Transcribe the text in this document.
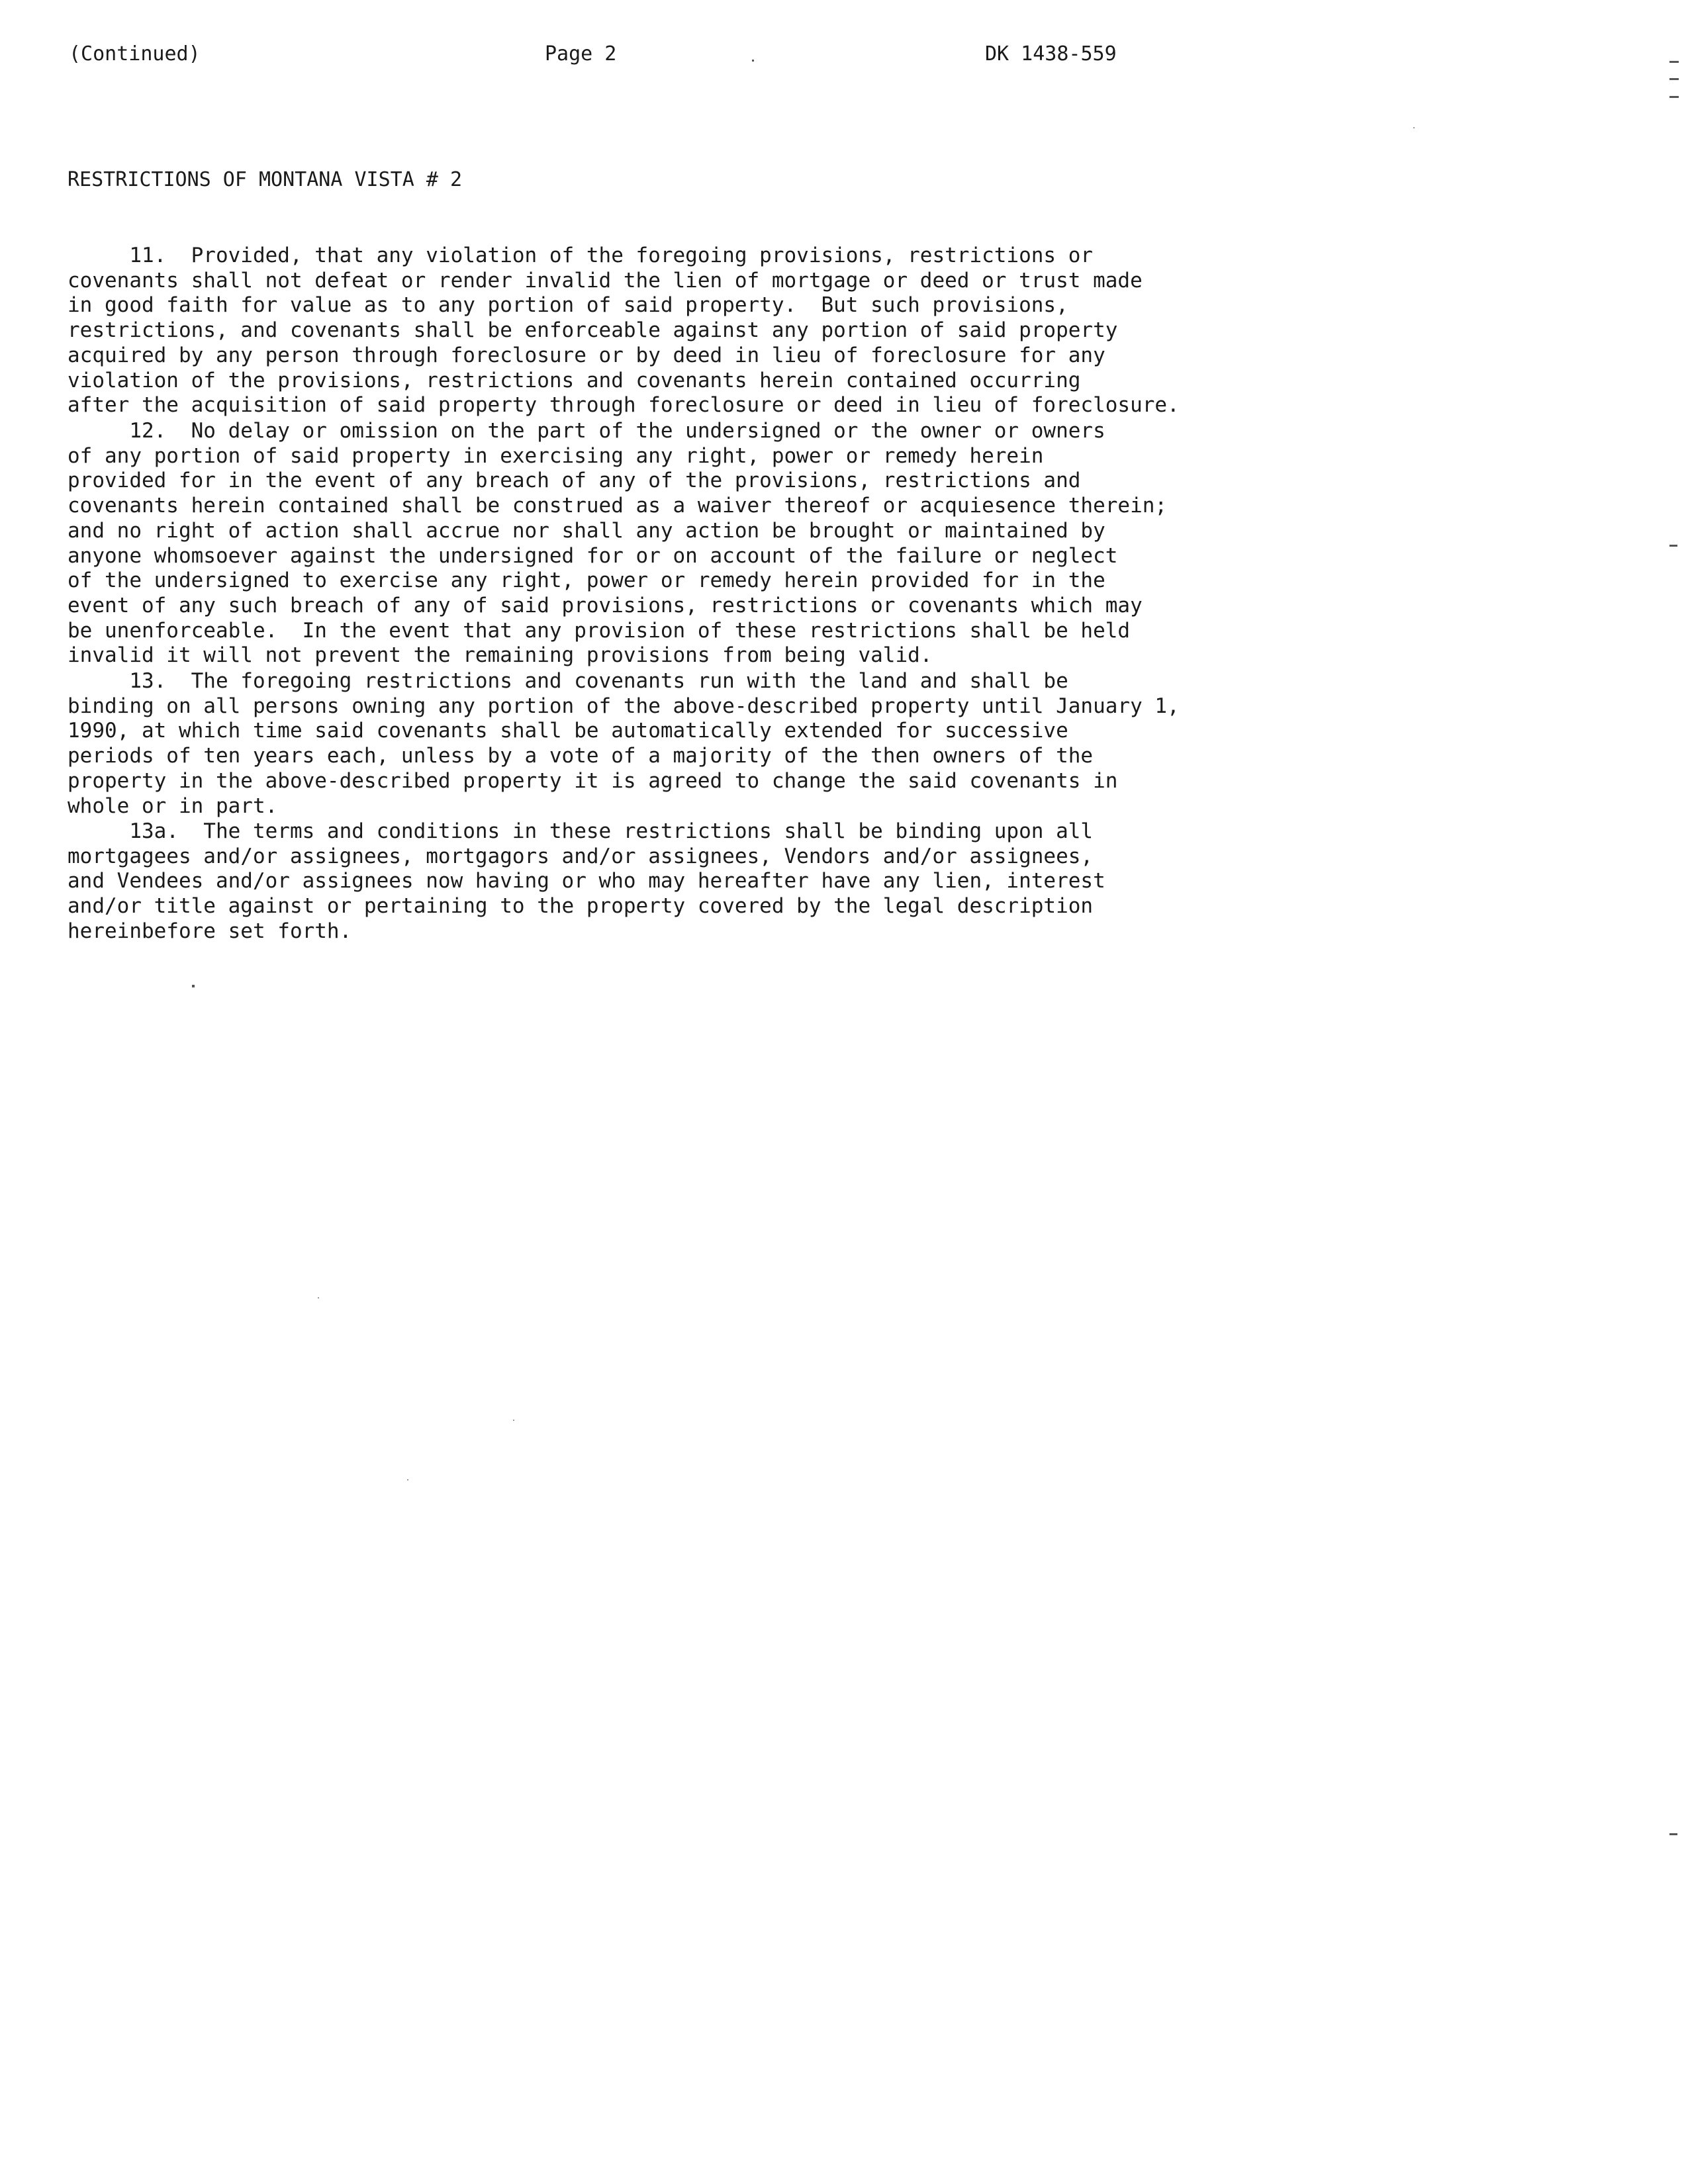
(Continued)	Page 2	DK 1438-559
RESTRICTIONS OF MONTANA VISTA # 2

11.  Provided, that any violation of the foregoing provisions, restrictions or
covenants shall not defeat or render invalid the lien of mortgage or deed or trust made
in good faith for value as to any portion of said property.  But such provisions,
restrictions, and covenants shall be enforceable against any portion of said property
acquired by any person through foreclosure or by deed in lieu of foreclosure for any
violation of the provisions, restrictions and covenants herein contained occurring
after the acquisition of said property through foreclosure or deed in lieu of foreclosure.

12.  No delay or omission on the part of the undersigned or the owner or owners
of any portion of said property in exercising any right, power or remedy herein
provided for in the event of any breach of any of the provisions, restrictions and
covenants herein contained shall be construed as a waiver thereof or acquiesence therein;
and no right of action shall accrue nor shall any action be brought or maintained by
anyone whomsoever against the undersigned for or on account of the failure or neglect
of the undersigned to exercise any right, power or remedy herein provided for in the
event of any such breach of any of said provisions, restrictions or covenants which may
be unenforceable.  In the event that any provision of these restrictions shall be held
invalid it will not prevent the remaining provisions from being valid.

13.  The foregoing restrictions and covenants run with the land and shall be
binding on all persons owning any portion of the above-described property until January 1,
1990, at which time said covenants shall be automatically extended for successive
periods of ten years each, unless by a vote of a majority of the then owners of the
property in the above-described property it is agreed to change the said covenants in
whole or in part.

13a.  The terms and conditions in these restrictions shall be binding upon all
mortgagees and/or assignees, mortgagors and/or assignees, Vendors and/or assignees,
and Vendees and/or assignees now having or who may hereafter have any lien, interest
and/or title against or pertaining to the property covered by the legal description
hereinbefore set forth.
